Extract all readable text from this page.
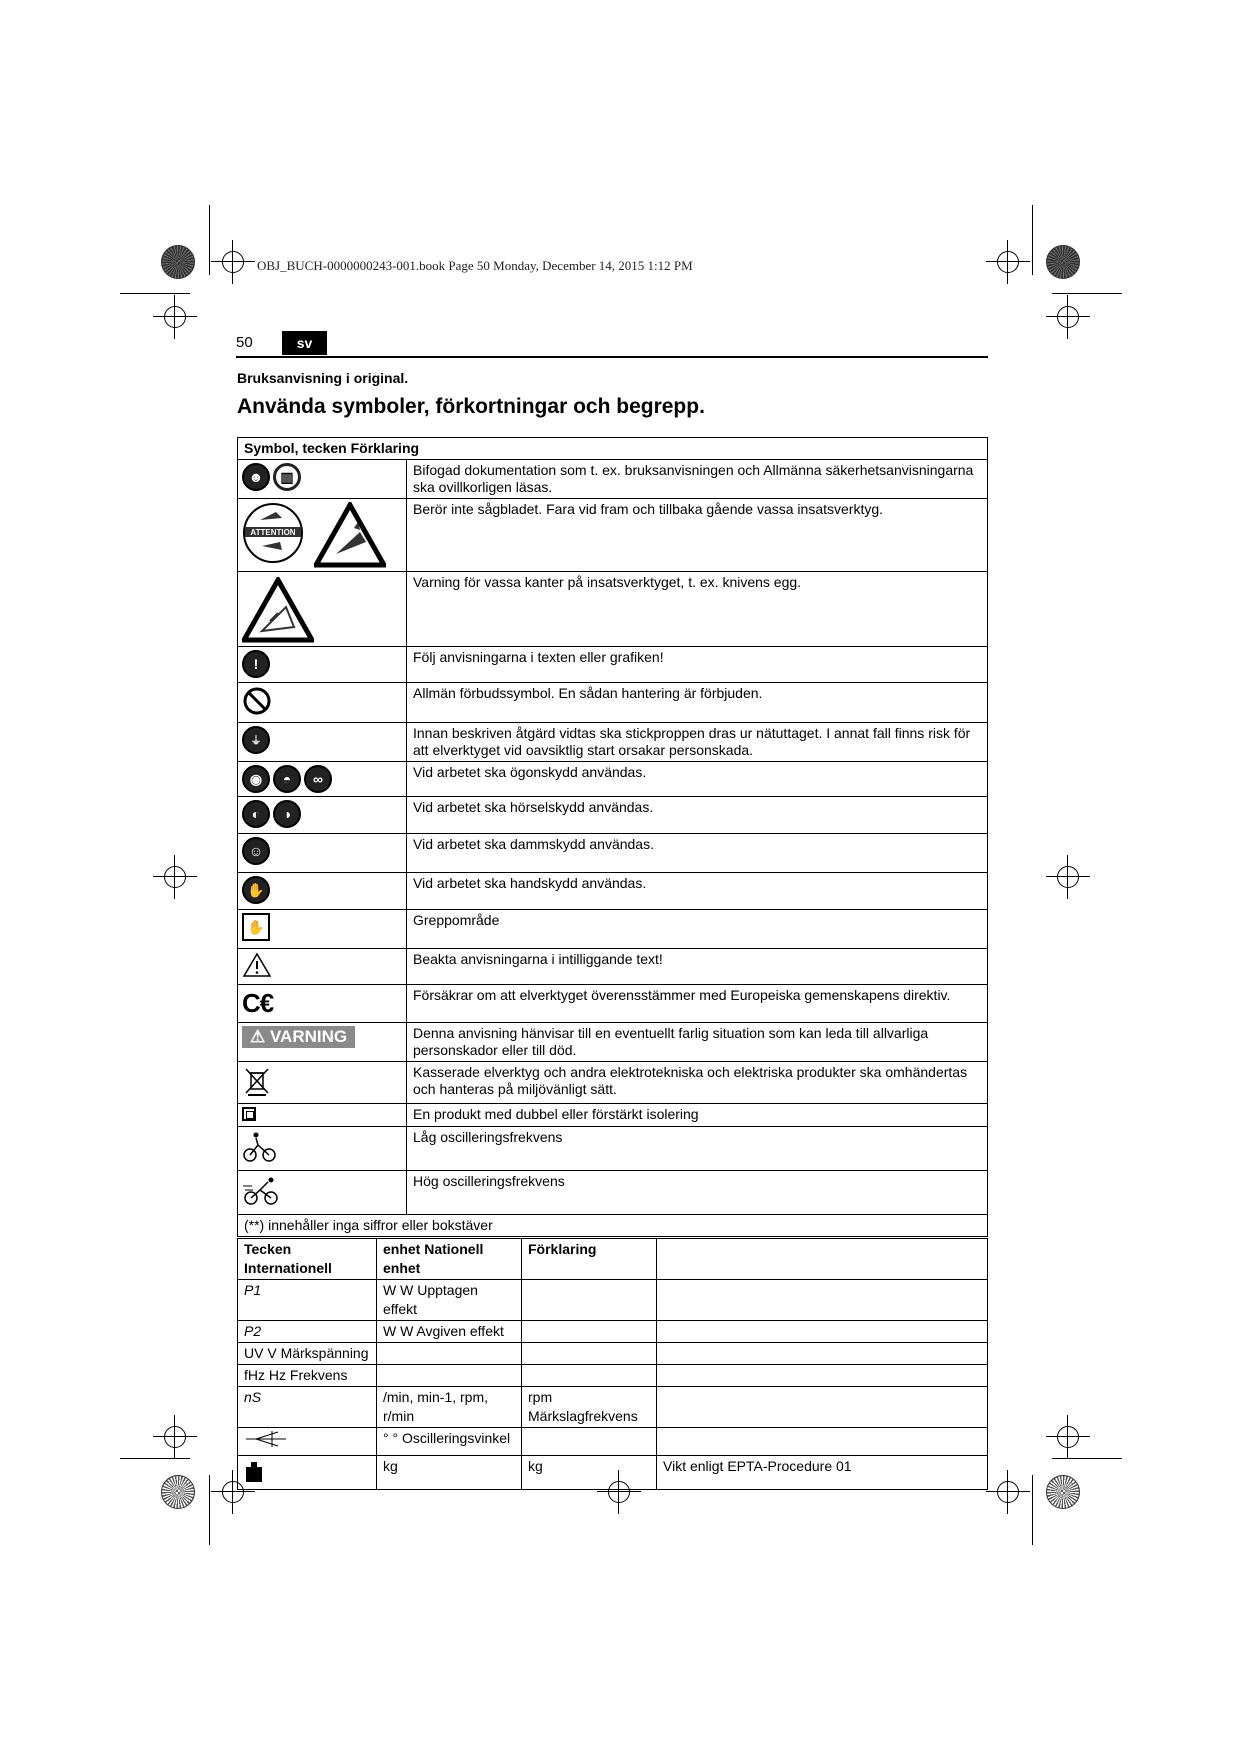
OBJ_BUCH-0000000243-001.book Page 50 Monday, December 14, 2015 1:12 PM
50	sv
Bruksanvisning i original.
Använda symboler, förkortningar och begrepp.
Symbol, tecken Förklaring	
☻ ▥	Bifogad dokumentation som t. ex. bruksanvisningen och Allmänna säkerhetsanvisningarna ska ovillkorligen läsas.

ATTENTION	Berör inte sågbladet. Fara vid fram och tillbaka gående vassa insatsverktyg.
	Varning för vassa kanter på insatsverktyget, t. ex. knivens egg.
!	Följ anvisningarna i texten eller grafiken!
	Allmän förbudssymbol. En sådan hantering är förbjuden.
⏚	Innan beskriven åtgärd vidtas ska stickproppen dras ur nätuttaget. I annat fall finns risk för att elverktyget vid oavsiktlig start orsakar personskada.
◉ ◓ ∞	Vid arbetet ska ögonskydd användas.
◐ ◑	Vid arbetet ska hörselskydd användas.
☺	Vid arbetet ska dammskydd användas.
✋	Vid arbetet ska handskydd användas.
✋	Greppområde
	Beakta anvisningarna i intilliggande text!
C€	Försäkrar om att elverktyget överensstämmer med Europeiska gemenskapens direktiv.
⚠ VARNING	Denna anvisning hänvisar till en eventuellt farlig situation som kan leda till allvarliga personskador eller till död.
	Kasserade elverktyg och andra elektrotekniska och elektriska produkter ska omhändertas och hanteras på miljövänligt sätt.
	En produkt med dubbel eller förstärkt isolering
	Låg oscilleringsfrekvens
	Hög oscilleringsfrekvens
(**) innehåller inga siffror eller bokstäver	
Tecken Internationell	enhet Nationell enhet	Förklaring	
P1	W W Upptagen effekt		
P2	W W Avgiven effekt		
UV V Märkspänning			
fHz Hz Frekvens			
nS	/min, min-1, rpm, r/min	rpm Märkslagfrekvens	
	° ° Oscilleringsvinkel		
	kg	kg	Vikt enligt EPTA-Procedure 01
